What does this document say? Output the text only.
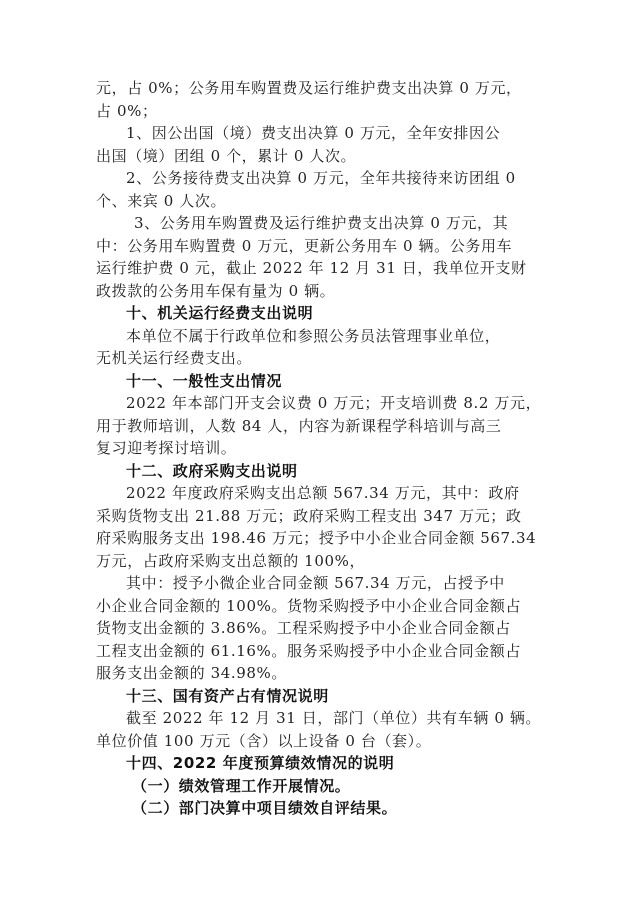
元，占 0%；公务用车购置费及运行维护费支出决算 0 万元，

占 0%；

1、因公出国（境）费支出决算 0 万元，全年安排因公

出国（境）团组 0 个，累计 0 人次。

2、公务接待费支出决算 0 万元，全年共接待来访团组 0

个、来宾 0 人次。

3、公务用车购置费及运行维护费支出决算 0 万元，其

中：公务用车购置费 0 万元，更新公务用车 0 辆。公务用车

运行维护费 0 元，截止 2022 年 12 月 31 日，我单位开支财

政拨款的公务用车保有量为 0 辆。

十、机关运行经费支出说明

本单位不属于行政单位和参照公务员法管理事业单位，

无机关运行经费支出。

十一、一般性支出情况

2022 年本部门开支会议费 0 万元；开支培训费 8.2 万元，

用于教师培训，人数 84 人，内容为新课程学科培训与高三

复习迎考探讨培训。

十二、政府采购支出说明

2022 年度政府采购支出总额 567.34 万元，其中：政府

采购货物支出 21.88 万元；政府采购工程支出 347 万元；政

府采购服务支出 198.46 万元；授予中小企业合同金额 567.34

万元，占政府采购支出总额的 100%，

其中：授予小微企业合同金额 567.34 万元，占授予中

小企业合同金额的 100%。货物采购授予中小企业合同金额占

货物支出金额的 3.86%。工程采购授予中小企业合同金额占

工程支出金额的 61.16%。服务采购授予中小企业合同金额占

服务支出金额的 34.98%。

十三、国有资产占有情况说明

截至 2022 年 12 月 31 日，部门（单位）共有车辆 0 辆。

单位价值 100 万元（含）以上设备 0 台（套）。

十四、2022 年度预算绩效情况的说明

（一）绩效管理工作开展情况。

（二）部门决算中项目绩效自评结果。
